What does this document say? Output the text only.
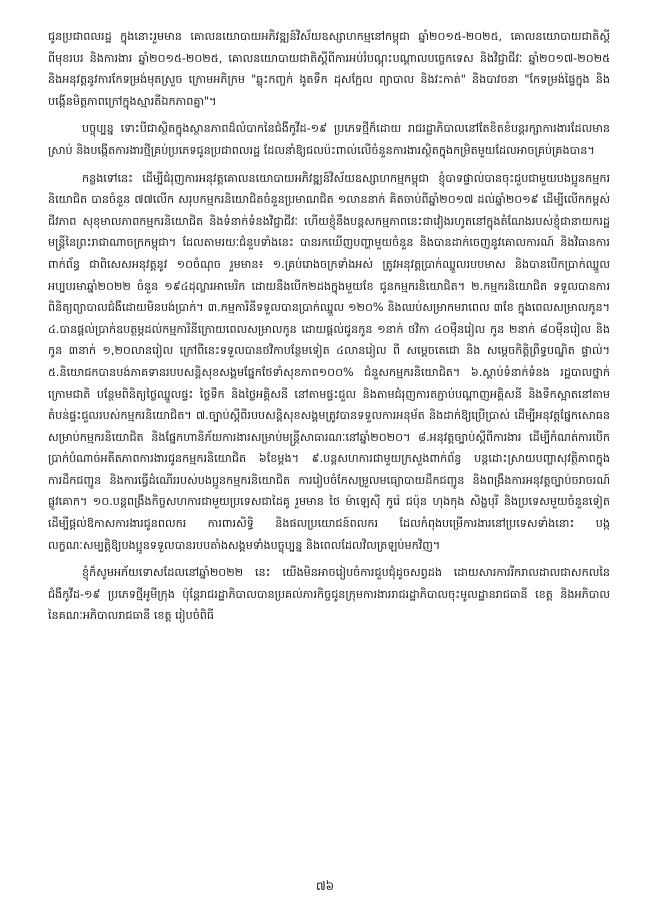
ជូនប្រជាពលរដ្ឋ ក្នុងនោះរួមមាន គោលនយោបាយអភិវឌ្ឍន៍វិស័យឧស្សាហកម្មនៅកម្ពុជា ឆ្នាំ២០១៥-២០២៥, គោលនយោបាយជាតិស្តីពីមុខរបរ និងការងារ ឆ្នាំ២០១៥-២០២៥, គោលនយោបាយជាតិស្តីពីការអប់រំបណ្តុះបណ្តាលបច្ចេកទេស និងវិជ្ជាជីវៈ ឆ្នាំ២០១៧-២០២៥ និងអនុវត្តនូវការកែទម្រង់មុតស្រួច ក្រោមអភិក្រម "ឆ្លុះកញ្ចក់ ងូតទឹក ដុសក្អែល ព្យាបាល និងវះកាត់" និងបាវចនា "កែទម្រង់ផ្ទៃក្នុង និងបង្កើនមិត្តភាពក្រៅក្នុងស្មារតីឯកភាពគ្នា"។

បច្ចុប្បន្ន ទោះបីជាស្ថិតក្នុងស្ថានភាពដ៏លំបាកនៃជំងឺកូវីដ-១៩ ប្រភេទថ្មីក៏ដោយ រាជរដ្ឋាភិបាលនៅតែខិតខំបន្តរក្សាការងារដែលមានស្រាប់ និងបង្កើតការងារថ្មីគ្រប់ប្រភេទជូនប្រជាពលរដ្ឋ ដែលនាំឱ្យជលប៉ះពាល់លើចំនួនការងារស្ថិតក្នុងកម្រិតមួយដែលអាចគ្រប់គ្រងបាន។

កន្លងទៅនេះ ដើម្បីជំរុញការអនុវត្តគោលនយោបាយអភិវឌ្ឍន៍វិស័យឧស្សាហកម្មកម្ពុជា ខ្ញុំបាទផ្ទាល់បានចុះជួបជាមួយបងប្អូនកម្មករនិយោជិត បានចំនួន ៧៧លើក សរុបកម្មករនិយោជិតចំនួនប្រមាណជិត ១លាននាក់ គិតចាប់ពីឆ្នាំ២០១៧ ដល់ឆ្នាំ២០១៩ ដើម្បីលើកកម្ពស់ជីវភាព សុខុមាលភាពកម្មករនិយោជិត និងទំនាក់ទំនងវិជ្ជាជីវៈ ហើយខ្ញុំនឹងបន្តសកម្មភាពនេះជាវៀងរហូតនៅក្នុងតំណែងរបស់ខ្ញុំជានាយករដ្ឋមន្ត្រីនៃព្រះរាជាណាចក្រកម្ពុជា។ ដែលតាមរយៈជំនួបទាំងនេះ បានរកឃើញបញ្ហាមួយចំនួន និងបានដាក់ចេញនូវគោលការណ៍ និងវិធានការពាក់ព័ន្ធ ជាពិសេសអនុវត្តនូវ ១០ចំណុច រួមមាន៖ ១.គ្រប់រោងចក្រទាំងអស់ ត្រូវអនុវត្តប្រាក់ឈ្នួលរបបមាស និងបានបើកប្រាក់ឈ្នួលអប្បបរមាឆ្នាំ២០២២ ចំនួន ១៩៤ដុល្លារអាមេរិក ដោយនឹងបើក២ដងក្នុងមួយខែ ជូនកម្មករនិយោជិត។ ២.កម្មករនិយោជិត ទទួលបានការពិនិត្យព្យាបាលជំងឺដោយមិនបង់ប្រាក់។ ៣.កម្មការិនីទទួលបានប្រាក់ឈ្នួល ១២០% និងឈប់សម្រាកមរាពេល ៣ខែ ក្នុងពេលសម្រាលកូន។ ៤.បានផ្តល់ប្រាក់ឧបត្ថម្ភដល់កម្មការិនីក្រោយពេលសម្រាលកូន ដោយផ្តល់ជូនកូន ១នាក់ ថវិកា ៤០ម៉ឺនរៀល កូន ២នាក់ ៨០ម៉ឺនរៀល និងកូន ៣នាក់ ១,២០លានរៀល ក្រៅពីនេះទទួលបានថវិកាបន្ថែមទៀត ៤លានរៀល ពី សម្តេចតេជោ និង សម្តេចកិត្តិព្រឹទ្ធបណ្ឌិត ផ្ទាល់។ ៥.និយោជកបានបង់ភាគទានរបបសន្តិសុខសង្គមផ្នែកថែទាំសុខភាព១០០% ជំនួសកម្មករនិយោជិត។ ៦.ស្តាប់ទំនាក់ទំនង រដ្ឋបាលថ្នាក់ក្រោមជាតិ បន្ថែមពិនិត្យថ្លៃឈ្នួលផ្ទះ ថ្លៃទឹក និងថ្លៃអគ្គិសនី នៅតាមផ្ទះជួល និងតាមជំរុញការតភ្ជាប់បណ្តាញអគ្គិសនី និងទឹកស្អាតនៅតាមតំបន់ផ្ទះជួលរបស់កម្មករនិយោជិត។ ៧.ច្បាប់ស្តីពីរបបសន្តិសុខសង្គមត្រូវបានទទួលការអនុម័ត និងដាក់ឱ្យប្រើប្រាស់ ដើម្បីអនុវត្តផ្នែកសោធនសម្រាប់កម្មករនិយោជិត និងផ្នែកហានិភ័យការងារសម្រាប់មន្ត្រីសាធារណៈនៅឆ្នាំ២០២០។ ៨.អនុវត្តច្បាប់ស្តីពីការងារ ដើម្បីកំណត់ការបើកប្រាក់បំណាច់អតីតភាពការងារជូនកម្មករនិយោជិត ៦ខែម្តង។ ៩.បន្តសហការជាមួយក្រសួងពាក់ព័ន្ធ បន្តដោះស្រាយបញ្ហាសុវត្ថិភាពក្នុងការដឹកជញ្ជូន និងការធ្វើដំណើររបស់បងប្អូនកម្មករនិយោជិត ការរៀបចំកែសម្រួលមធ្យោបាយដឹកជញ្ជូន និងពង្រឹងការអនុវត្តច្បាប់ចរាចរណ៍ផ្លូវគោក។ ១០.បន្តពង្រឹងកិច្ចសហការជាមួយប្រទេសជាដៃគូ រួមមាន ថៃ ម៉ាឡេស៊ី កូរ៉េ ជប៉ុន ហុងកុង សិង្ហបុរី និងប្រទេសមួយចំនួនទៀត ដើម្បីផ្តល់ឱកាសការងារជូនពលករ ការពារសិទ្ធិ និងផលប្រយោជន៍ពលករ ដែលកំពុងបម្រើការងារនៅប្រទេសទាំងនោះ បង្កលក្ខណៈសម្បត្តិឱ្យបងប្អូនទទួលបានរបបតាំងសង្គមទាំងបច្ចុប្បន្ន និងពេលដែលវិលត្រឡប់មកវិញ។

ខ្ញុំក៏សូមអភ័យទោសដែលនៅឆ្នាំ២០២២ នេះ យើងមិនអាចរៀបចំការជួបជុំដូចសព្វដង ដោយសារការរីករាលដាលជាសកលនៃជំងឺកូវីដ-១៩ ប្រភេទថ្មីអូមីក្រុង ប៉ុន្តែរាជរដ្ឋាភិបាលបានប្រគល់ភារកិច្ចជូនក្រុមការងាររាជរដ្ឋាភិបាលចុះមូលដ្ឋានរាជធានី ខេត្ត និងអភិបាលនៃគណៈអភិបាលរាជធានី ខេត្ត រៀបចំពិធី

៧៦
